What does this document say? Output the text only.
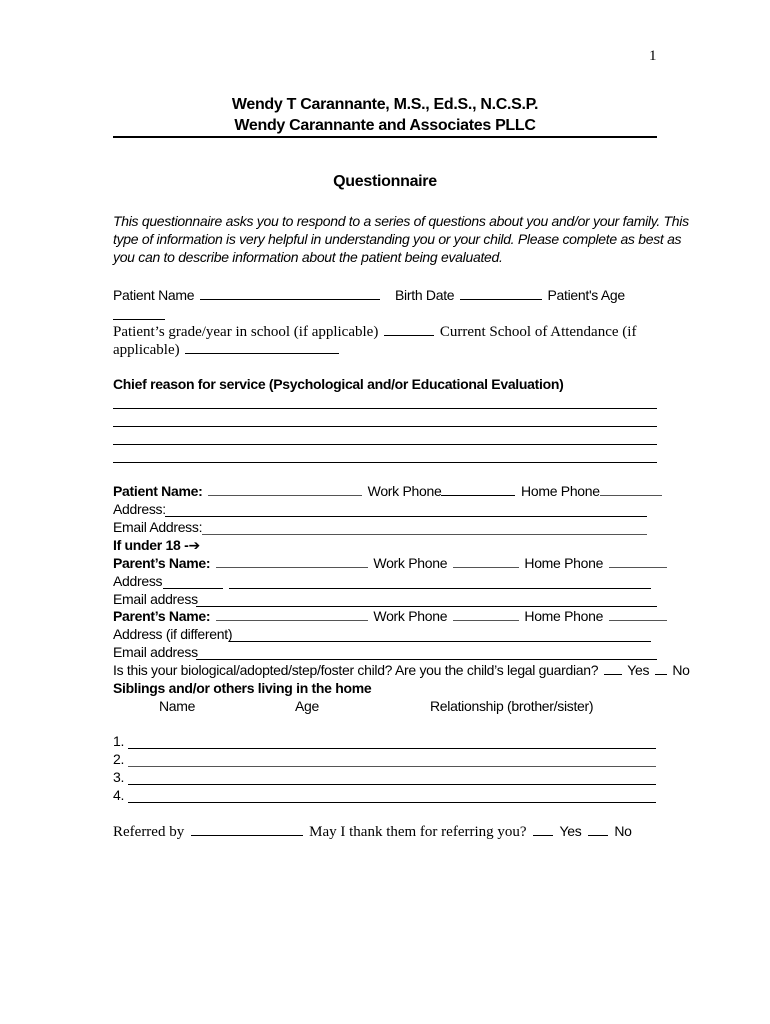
1
Wendy T Carannante, M.S., Ed.S., N.C.S.P.
Wendy Carannante and Associates PLLC
Questionnaire
This questionnaire asks you to respond to a series of questions about you and/or your family. This
type of information is very helpful in understanding you or your child. Please complete as best as
you can to describe information about the patient being evaluated.
Patient Name	Birth Date	Patient's Age
Patient’s grade/year in school (if applicable)	Current School of Attendance (if
applicable)
Chief reason for service (Psychological and/or Educational Evaluation)
Patient Name:	Work Phone	Home Phone
Address:
Email Address:
If under 18 -➔
Parent’s Name:	Work Phone	Home Phone
Address
Email address
Parent’s Name:	Work Phone	Home Phone
Address (if different)
Email address
Is this your biological/adopted/step/foster child? Are you the child’s legal guardian? Yes No
Siblings and/or others living in the home
Name	Age	Relationship (brother/sister)
1.
2.
3.
4.
Referred by	May I thank them for referring you? Yes No
